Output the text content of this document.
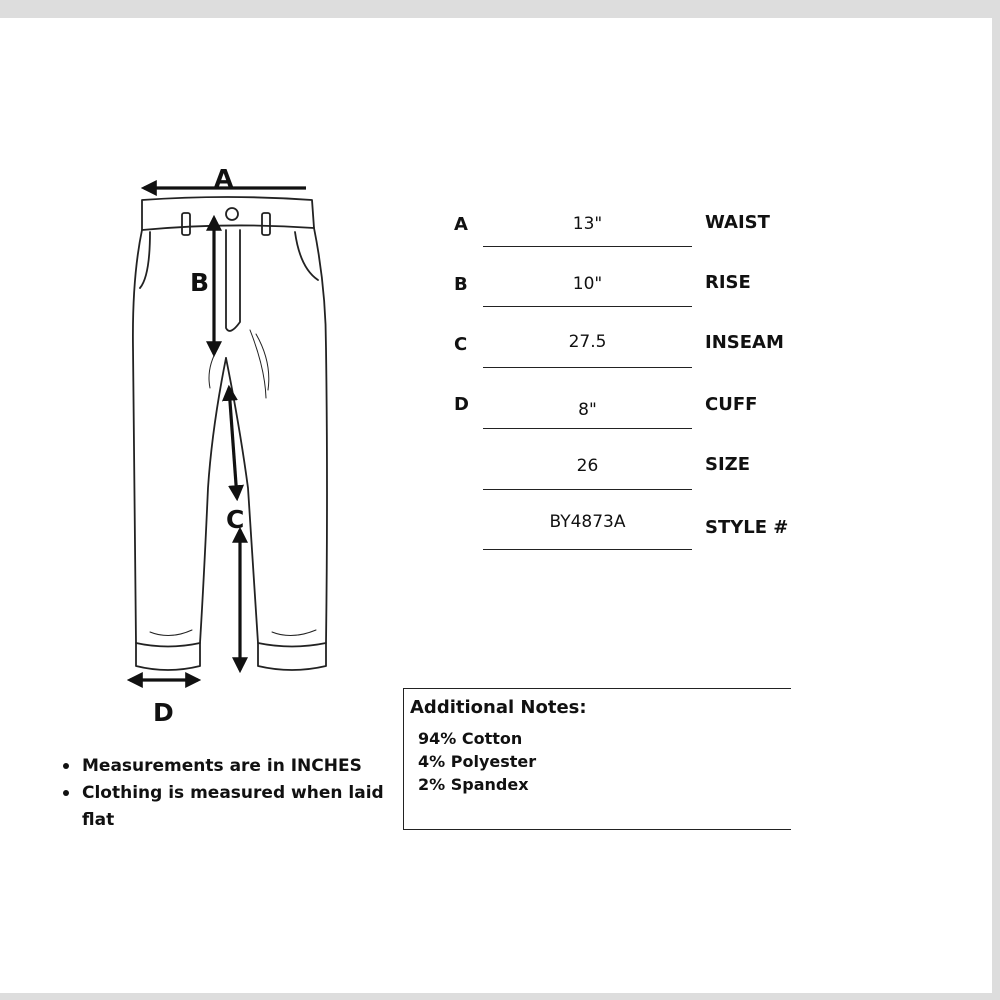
A
B
C
D
A	13"	WAIST
B	10"	RISE
C	27.5	INSEAM
D	8"	CUFF
26	SIZE
BY4873A	STYLE #
Additional Notes:
94% Cotton
4% Polyester
2% Spandex
Measurements are in INCHES
Clothing is measured when laid flat
